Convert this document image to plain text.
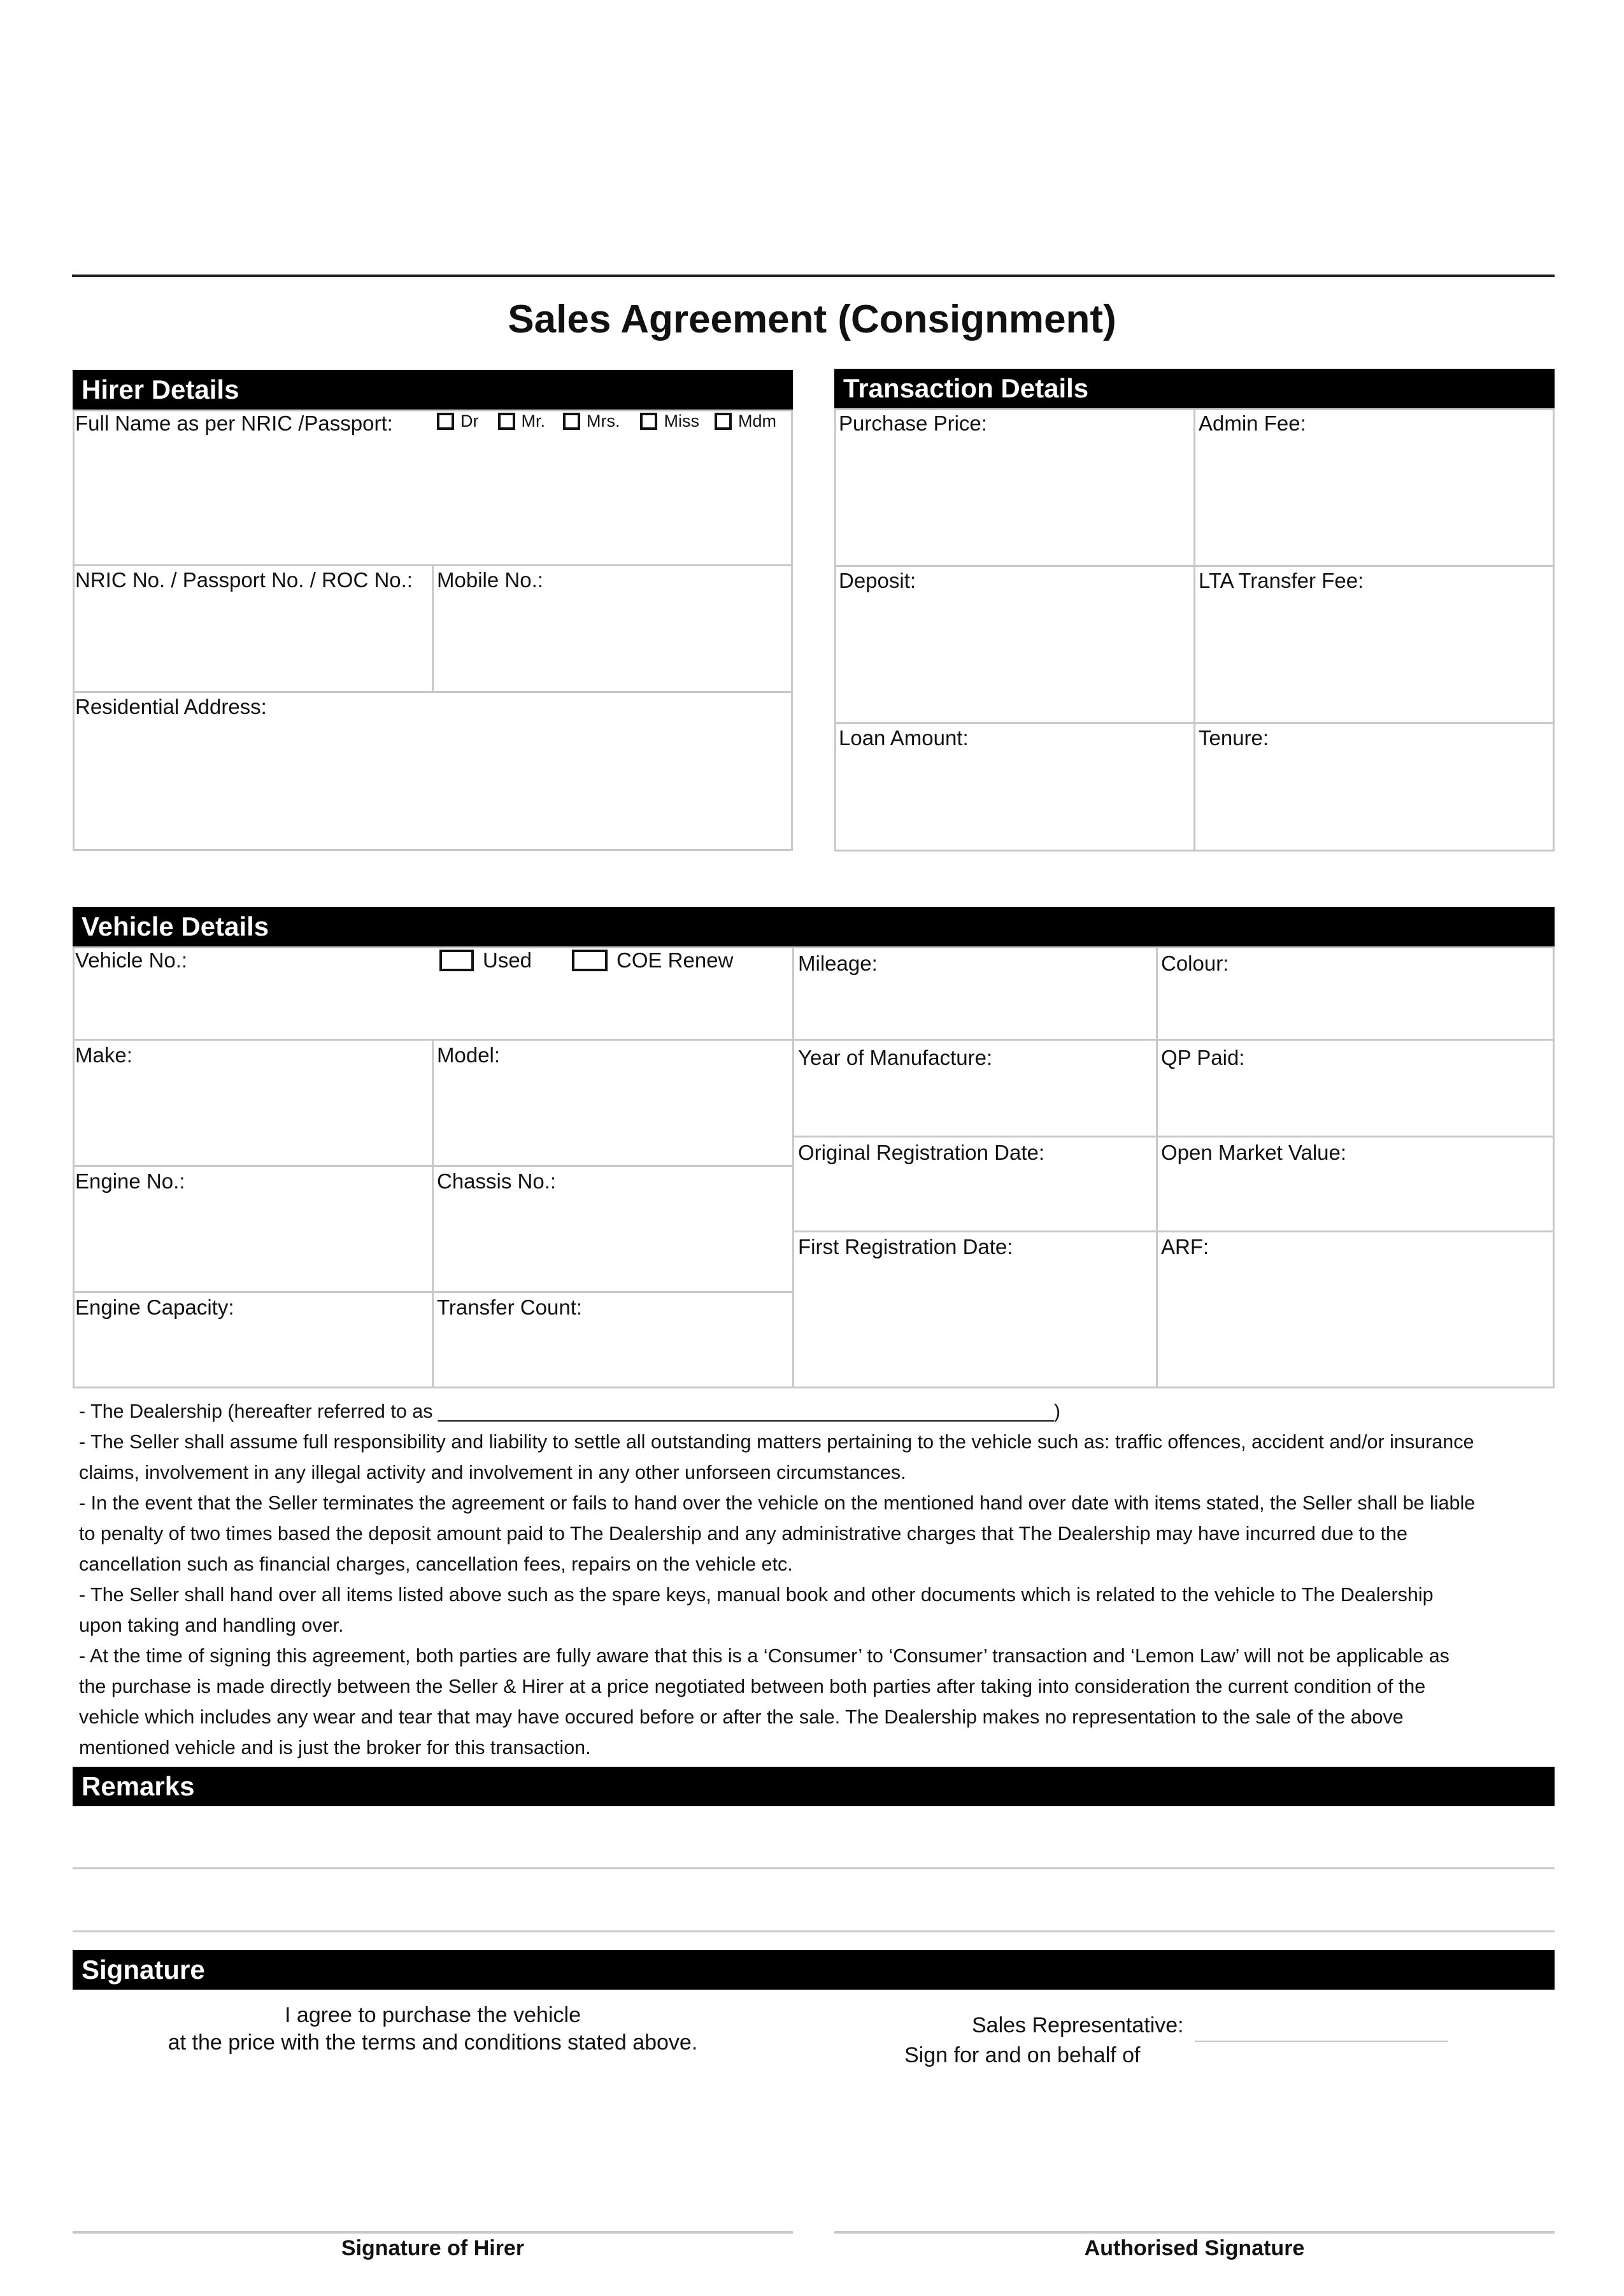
Sales Agreement (Consignment)
Hirer Details
Full Name as per NRIC /Passport:	Dr Mr. Mrs.	Miss Mdm
NRIC No. / Passport No. / ROC No.: Mobile No.:
Residential Address:
Transaction Details
Purchase Price:	Admin Fee:
Deposit:	LTA Transfer Fee:
Loan Amount:	Tenure:
Vehicle Details
Vehicle No.:	Used	COE Renew	Mileage:	Colour:
Make:	Model:	Year of Manufacture:	QP Paid:
Original Registration Date:	Open Market Value:
Engine No.:	Chassis No.:
First Registration Date:	ARF:
Engine Capacity:	Transfer Count:
- The Dealership (hereafter referred to as _________________________________________________________)
- The Seller shall assume full responsibility and liability to settle all outstanding matters pertaining to the vehicle such as: traffic offences, accident and/or insurance
claims, involvement in any illegal activity and involvement in any other unforseen circumstances.
- In the event that the Seller terminates the agreement or fails to hand over the vehicle on the mentioned hand over date with items stated, the Seller shall be liable
to penalty of two times based the deposit amount paid to The Dealership and any administrative charges that The Dealership may have incurred due to the
cancellation such as financial charges, cancellation fees, repairs on the vehicle etc.
- The Seller shall hand over all items listed above such as the spare keys, manual book and other documents which is related to the vehicle to The Dealership
upon taking and handling over.
- At the time of signing this agreement, both parties are fully aware that this is a ‘Consumer’ to ‘Consumer’ transaction and ‘Lemon Law’ will not be applicable as
the purchase is made directly between the Seller & Hirer at a price negotiated between both parties after taking into consideration the current condition of the
vehicle which includes any wear and tear that may have occured before or after the sale. The Dealership makes no representation to the sale of the above
mentioned vehicle and is just the broker for this transaction.
Remarks
Signature
I agree to purchase the vehicle
at the price with the terms and conditions stated above.
Sales Representative:
Sign for and on behalf of
Signature of Hirer	Authorised Signature
